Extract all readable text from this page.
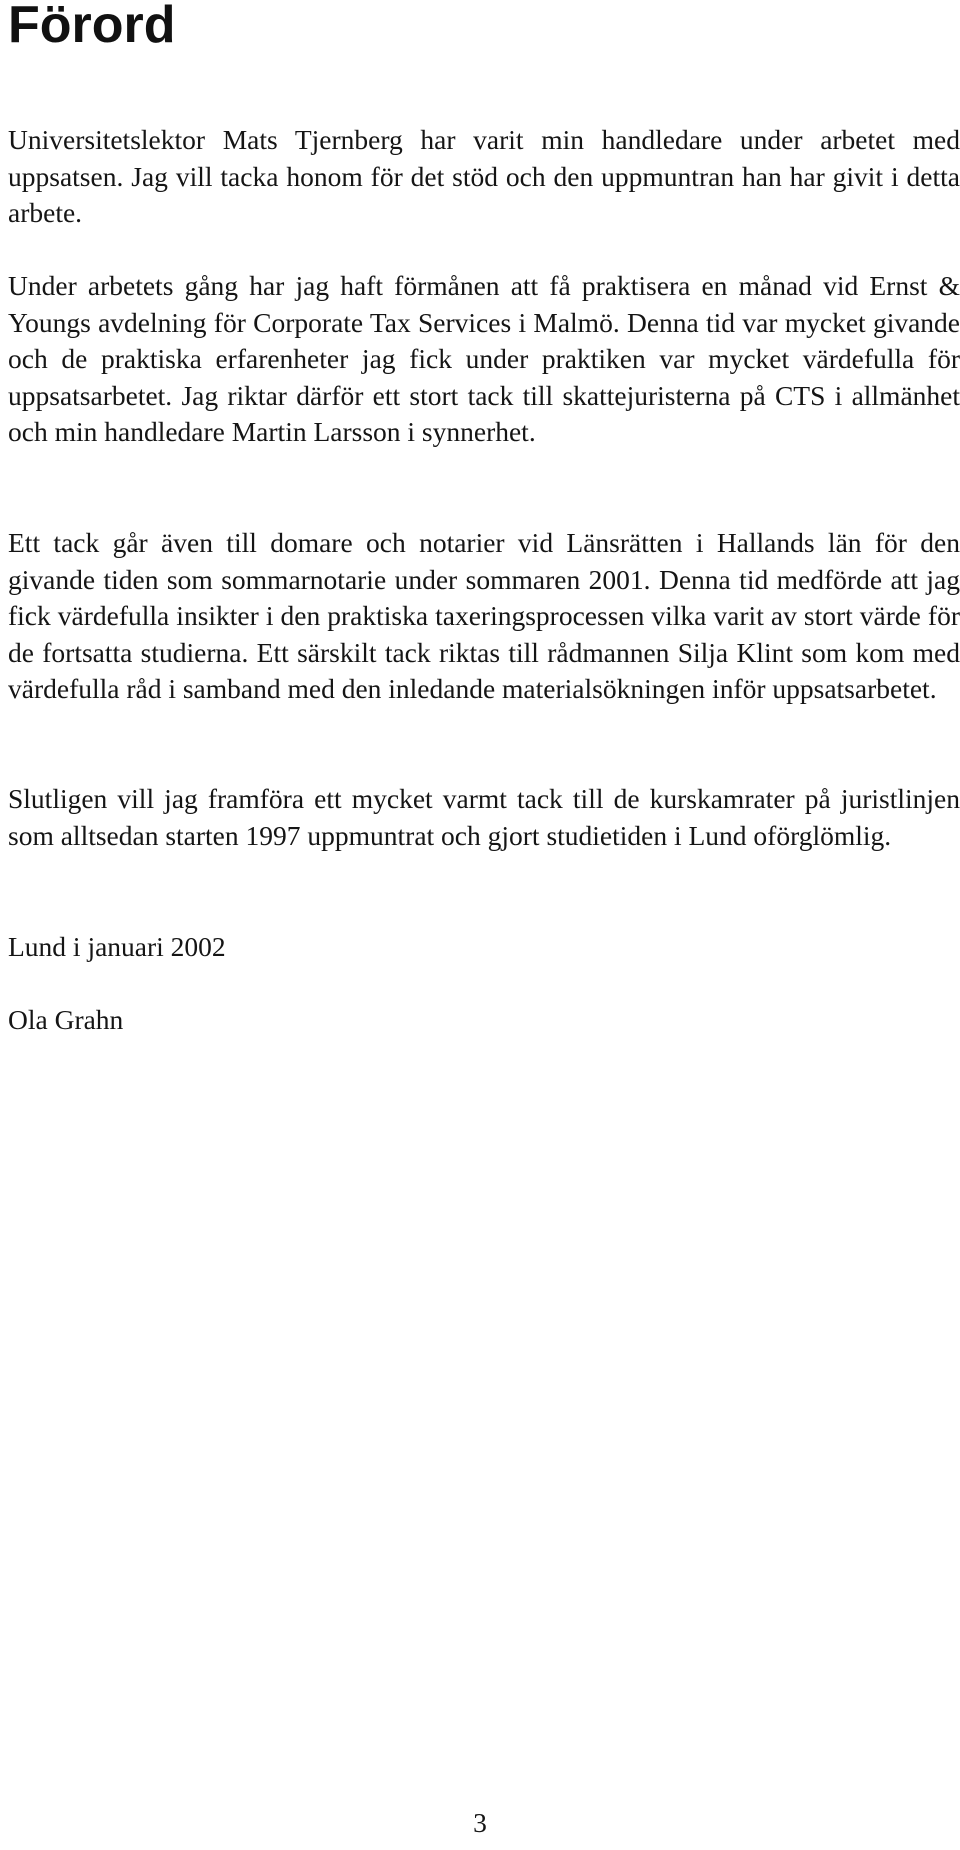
Förord

Universitetslektor Mats Tjernberg har varit min handledare under arbetet med uppsatsen. Jag vill tacka honom för det stöd och den uppmuntran han har givit i detta arbete.

Under arbetets gång har jag haft förmånen att få praktisera en månad vid Ernst & Youngs avdelning för Corporate Tax Services i Malmö. Denna tid var mycket givande och de praktiska erfarenheter jag fick under praktiken var mycket värdefulla för uppsatsarbetet. Jag riktar därför ett stort tack till skattejuristerna på CTS i allmänhet och min handledare Martin Larsson i synnerhet.

Ett tack går även till domare och notarier vid Länsrätten i Hallands län för den givande tiden som sommarnotarie under sommaren 2001. Denna tid medförde att jag fick värdefulla insikter i den praktiska taxeringsprocessen vilka varit av stort värde för de fortsatta studierna. Ett särskilt tack riktas till rådmannen Silja Klint som kom med värdefulla råd i samband med den inledande materialsökningen inför uppsatsarbetet.

Slutligen vill jag framföra ett mycket varmt tack till de kurskamrater på juristlinjen som alltsedan starten 1997 uppmuntrat och gjort studietiden i Lund oförglömlig.

Lund i januari 2002

Ola Grahn

3
